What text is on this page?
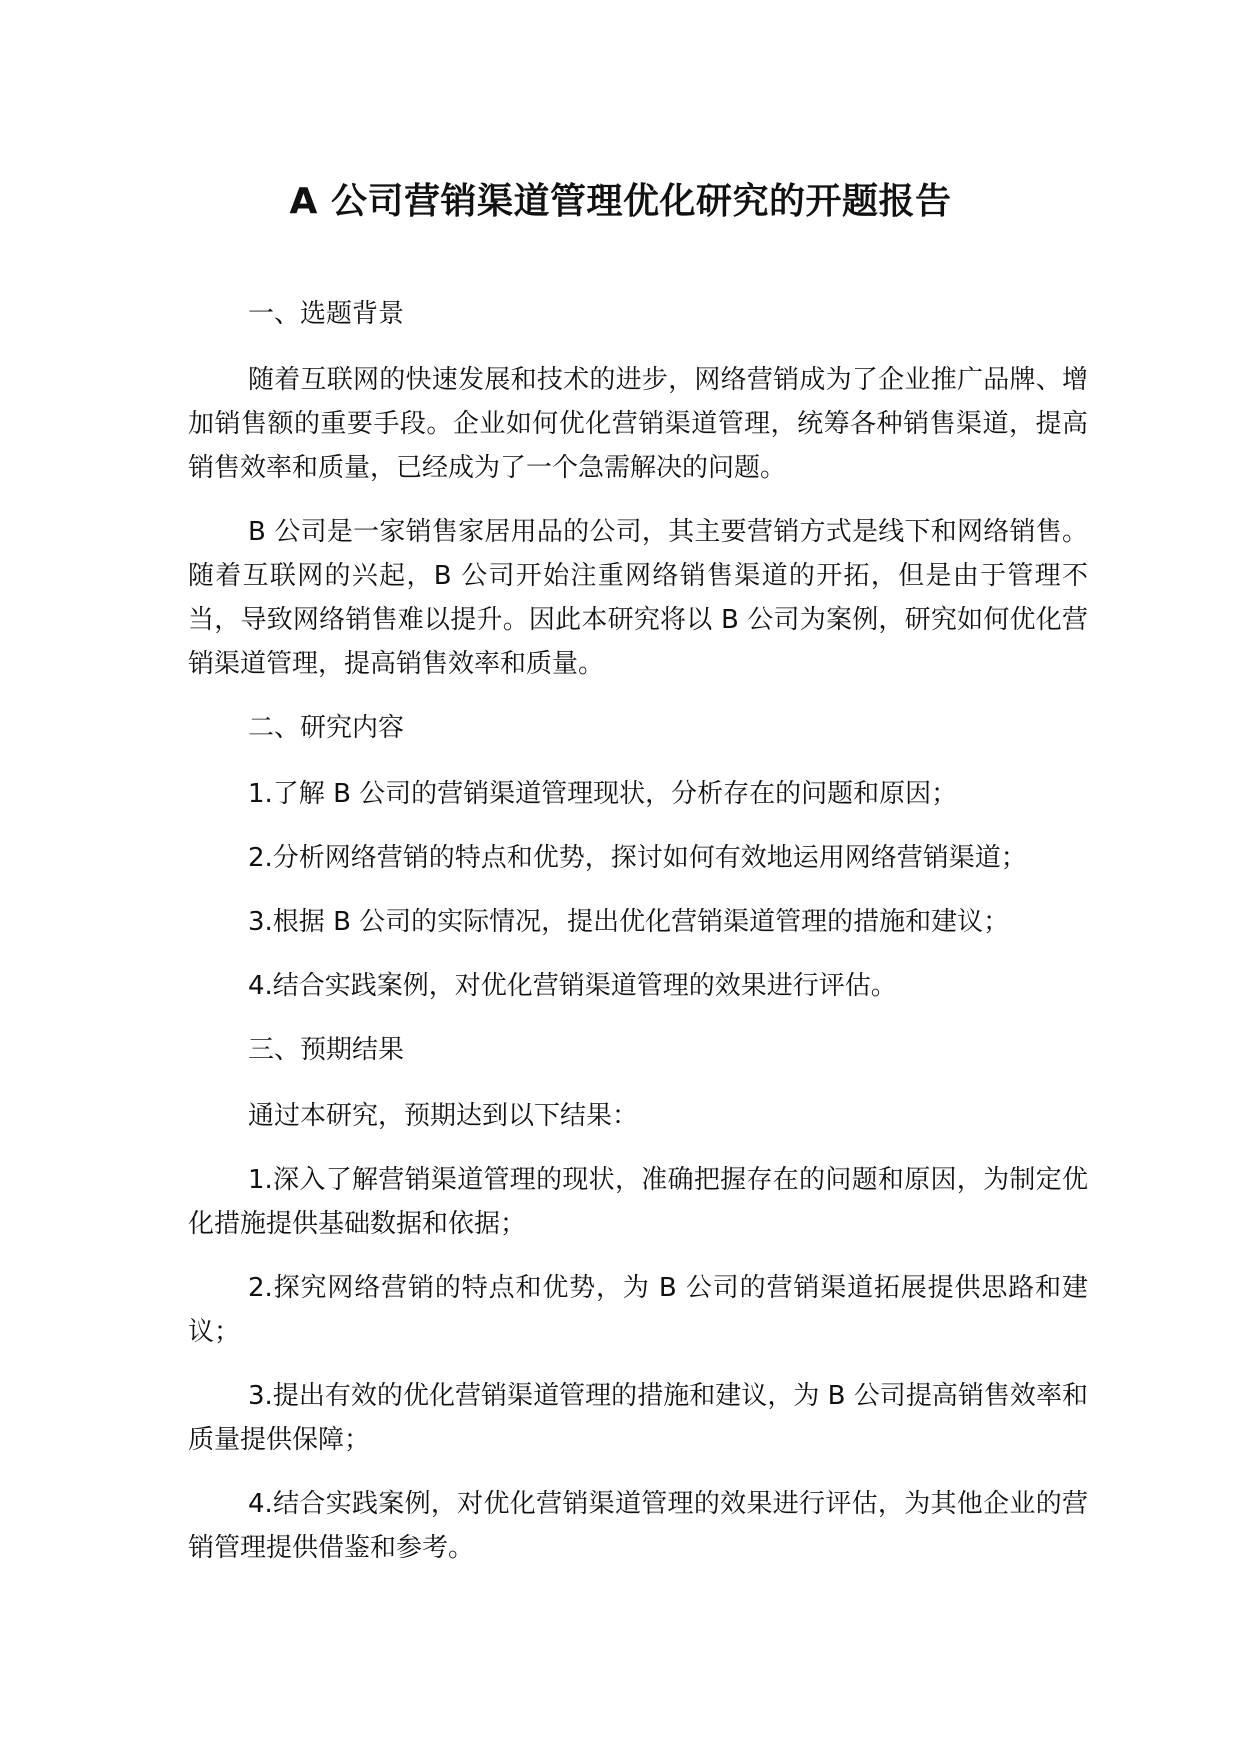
A 公司营销渠道管理优化研究的开题报告

一、选题背景

随着互联网的快速发展和技术的进步，网络营销成为了企业推广品牌、增加销售额的重要手段。企业如何优化营销渠道管理，统筹各种销售渠道，提高销售效率和质量，已经成为了一个急需解决的问题。

B 公司是一家销售家居用品的公司，其主要营销方式是线下和网络销售。随着互联网的兴起，B 公司开始注重网络销售渠道的开拓，但是由于管理不当，导致网络销售难以提升。因此本研究将以 B 公司为案例，研究如何优化营销渠道管理，提高销售效率和质量。

二、研究内容

1.了解 B 公司的营销渠道管理现状，分析存在的问题和原因；

2.分析网络营销的特点和优势，探讨如何有效地运用网络营销渠道；

3.根据 B 公司的实际情况，提出优化营销渠道管理的措施和建议；

4.结合实践案例，对优化营销渠道管理的效果进行评估。

三、预期结果

通过本研究，预期达到以下结果：

1.深入了解营销渠道管理的现状，准确把握存在的问题和原因，为制定优化措施提供基础数据和依据；

2.探究网络营销的特点和优势，为 B 公司的营销渠道拓展提供思路和建议；

3.提出有效的优化营销渠道管理的措施和建议，为 B 公司提高销售效率和质量提供保障；

4.结合实践案例，对优化营销渠道管理的效果进行评估，为其他企业的营销管理提供借鉴和参考。
